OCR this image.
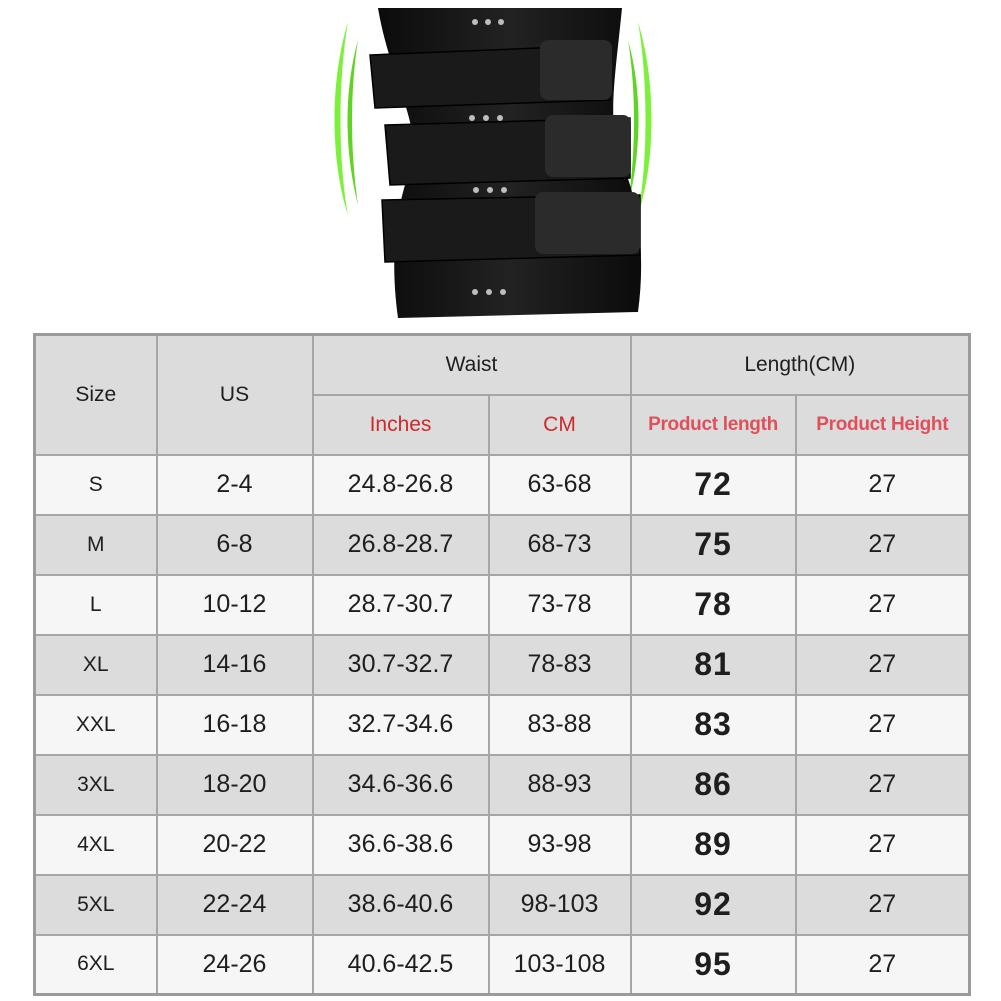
Size	US	Waist		Length(CM)	
		Inches	CM	Product length	Product Height
S	2-4	24.8-26.8	63-68	72	27
M	6-8	26.8-28.7	68-73	75	27
L	10-12	28.7-30.7	73-78	78	27
XL	14-16	30.7-32.7	78-83	81	27
XXL	16-18	32.7-34.6	83-88	83	27
3XL	18-20	34.6-36.6	88-93	86	27
4XL	20-22	36.6-38.6	93-98	89	27
5XL	22-24	38.6-40.6	98-103	92	27
6XL	24-26	40.6-42.5	103-108	95	27
